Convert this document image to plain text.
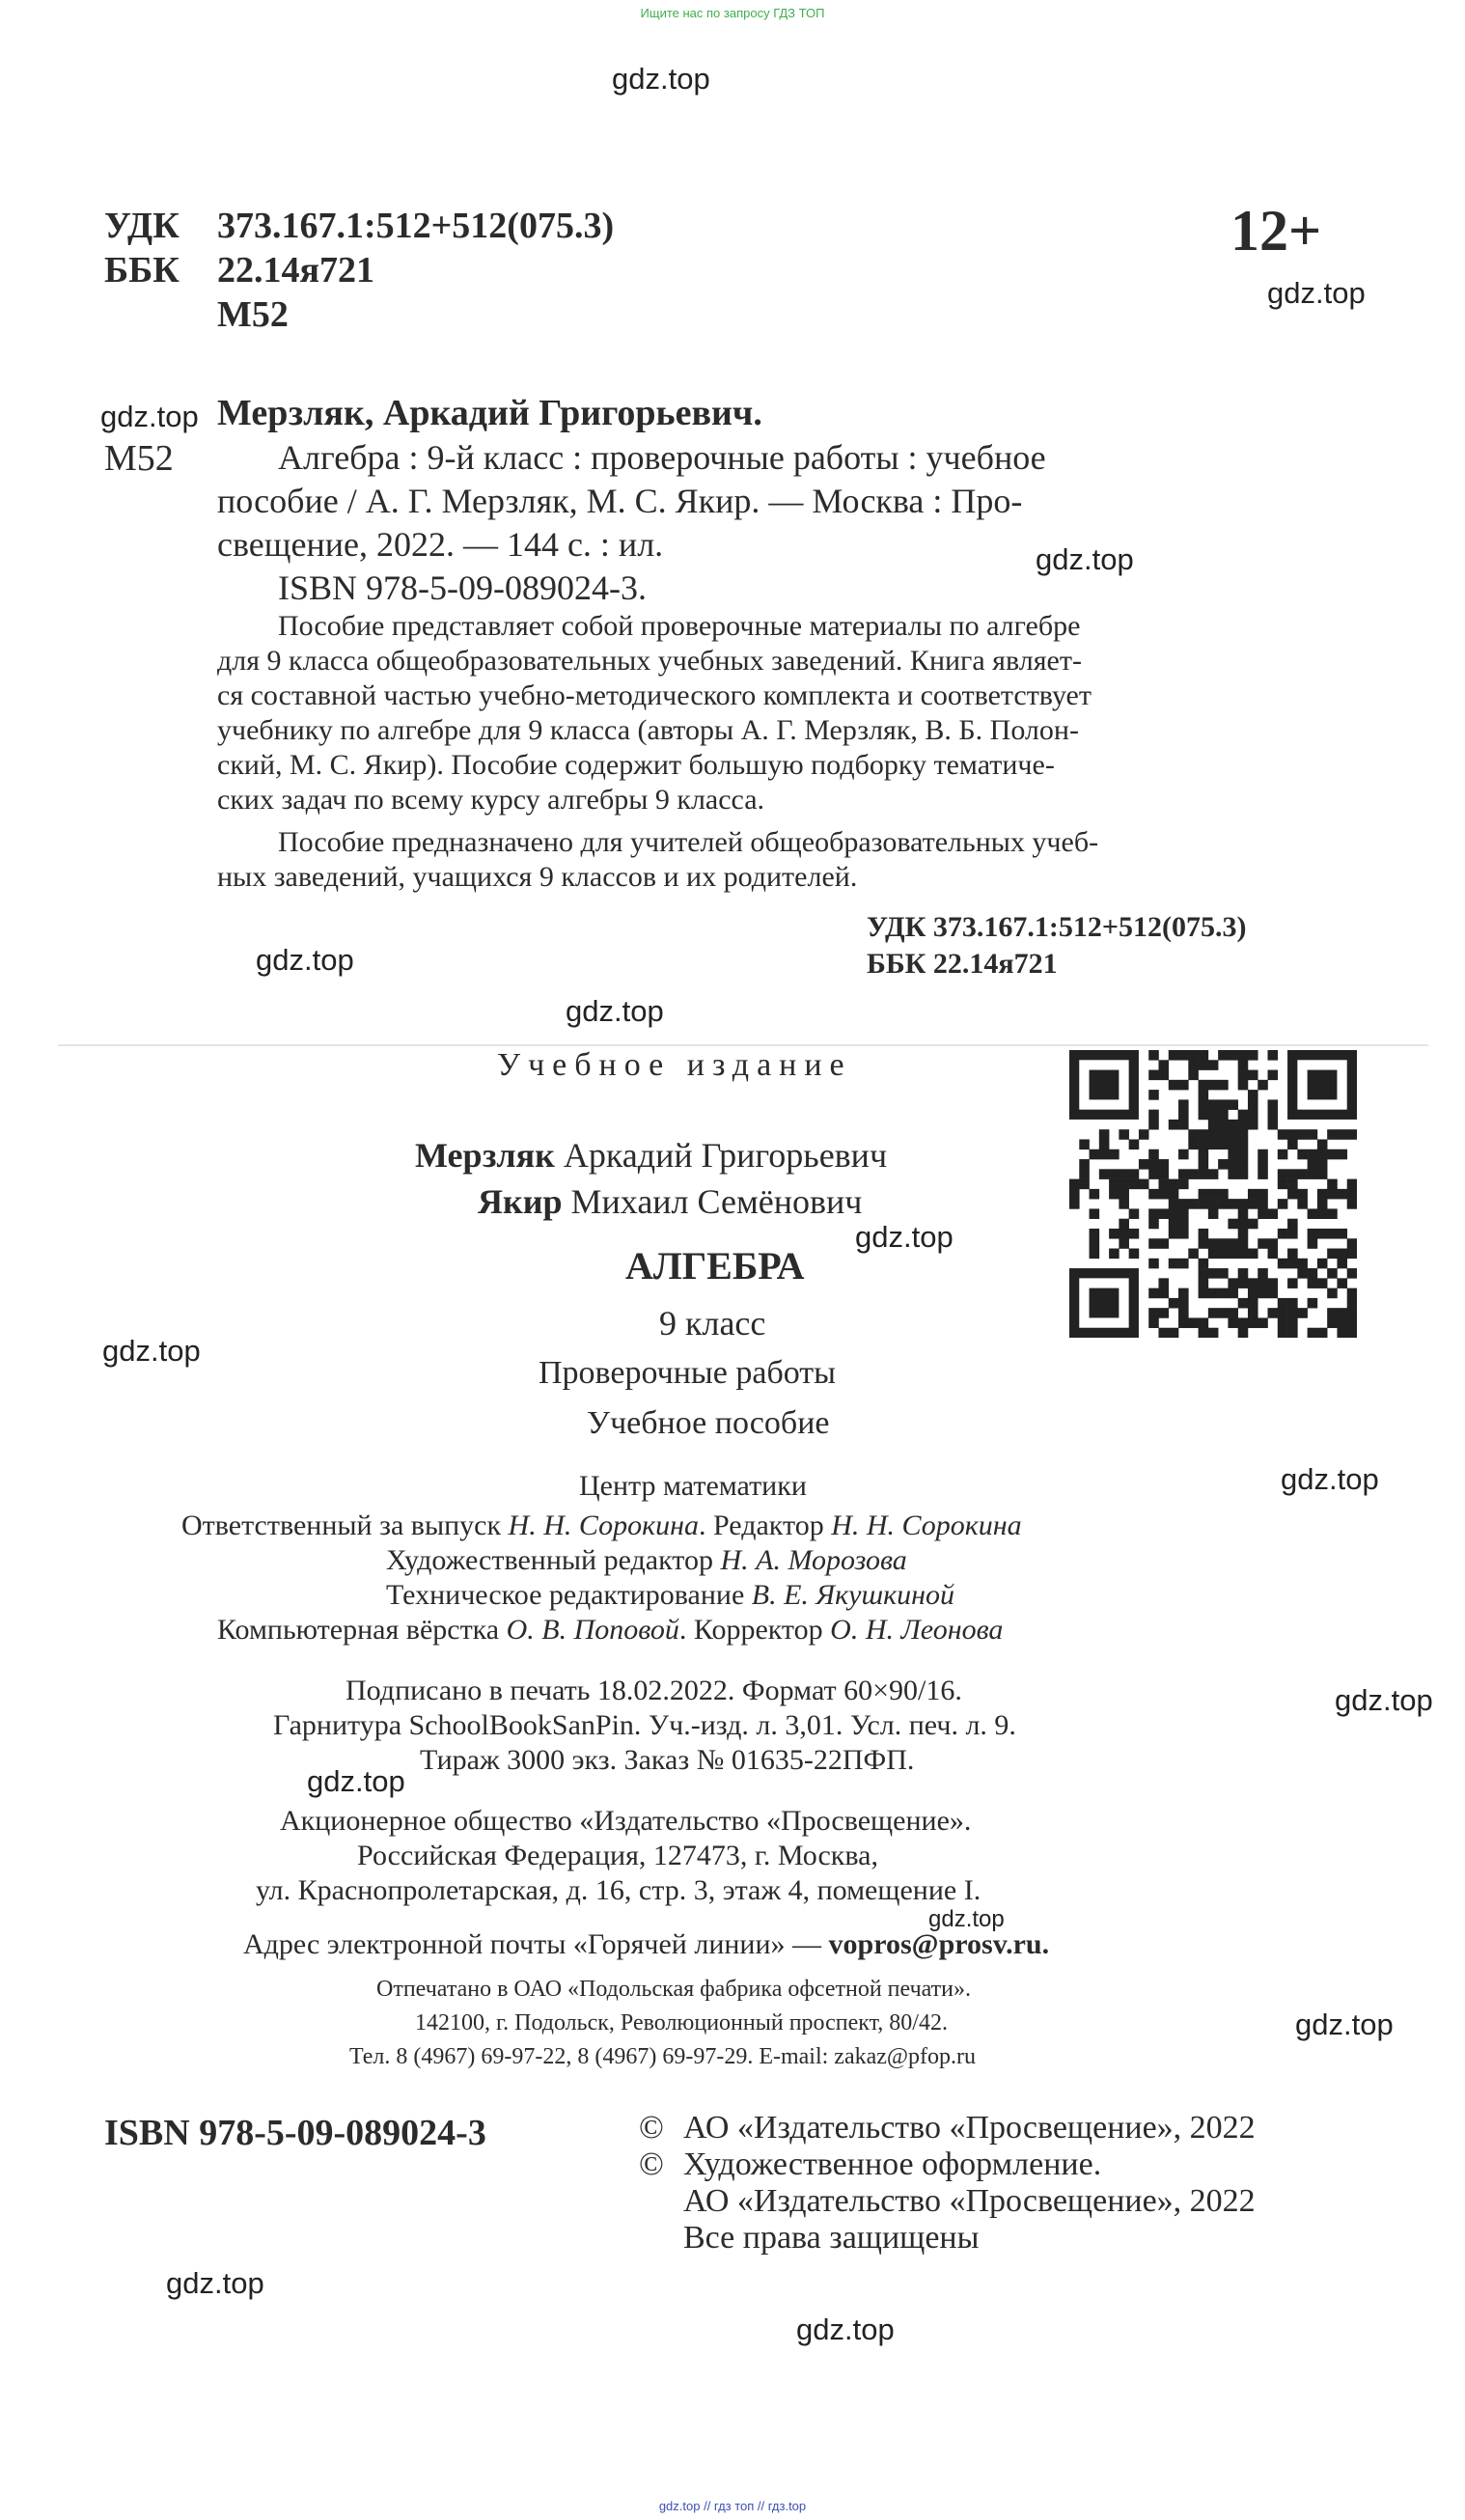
Ищите нас по запросу ГДЗ ТОП
УДК 373.167.1:512+512(075.3)
ББК 22.14я721
М52
12+
Мерзляк, Аркадий Григорьевич.
М52	Алгебра : 9-й класс : проверочные работы : учебное
пособие / А. Г. Мерзляк, М. С. Якир. — Москва : Про-
свещение, 2022. — 144 с. : ил.
ISBN 978-5-09-089024-3.
Пособие представляет собой проверочные материалы по алгебре
для 9 класса общеобразовательных учебных заведений. Книга являет-
ся составной частью учебно-методического комплекта и соответствует
учебнику по алгебре для 9 класса (авторы А. Г. Мерзляк, В. Б. Полон-
ский, М. С. Якир). Пособие содержит большую подборку тематиче-
ских задач по всему курсу алгебры 9 класса.
Пособие предназначено для учителей общеобразовательных учеб-
ных заведений, учащихся 9 классов и их родителей.
УДК 373.167.1:512+512(075.3)
ББК 22.14я721
Учебное издание
Мерзляк Аркадий Григорьевич
Якир Михаил Семёнович
АЛГЕБРА
9 класс
Проверочные работы
Учебное пособие
Центр математики
Ответственный за выпуск Н. Н. Сорокина. Редактор Н. Н. Сорокина
Художественный редактор Н. А. Морозова
Техническое редактирование В. Е. Якушкиной
Компьютерная вёрстка О. В. Поповой. Корректор О. Н. Леонова
Подписано в печать 18.02.2022. Формат 60×90/16.
Гарнитура SchoolBookSanPin. Уч.-изд. л. 3,01. Усл. печ. л. 9.
Тираж 3000 экз. Заказ № 01635-22ПФП.
Акционерное общество «Издательство «Просвещение».
Российская Федерация, 127473, г. Москва,
ул. Краснопролетарская, д. 16, стр. 3, этаж 4, помещение I.
Адрес электронной почты «Горячей линии» — vopros@prosv.ru.
Отпечатано в ОАО «Подольская фабрика офсетной печати».
142100, г. Подольск, Революционный проспект, 80/42.
Тел. 8 (4967) 69-97-22, 8 (4967) 69-97-29. E-mail: zakaz@pfop.ru
ISBN 978-5-09-089024-3	© АО «Издательство «Просвещение», 2022
© Художественное оформление.
АО «Издательство «Просвещение», 2022
Все права защищены
gdz.top
gdz.top
gdz.top
gdz.top
gdz.top
gdz.top
gdz.top
gdz.top
gdz.top
gdz.top
gdz.top
gdz.top
gdz.top
gdz.top
gdz.top
gdz.top // гдз топ // гдз.top
